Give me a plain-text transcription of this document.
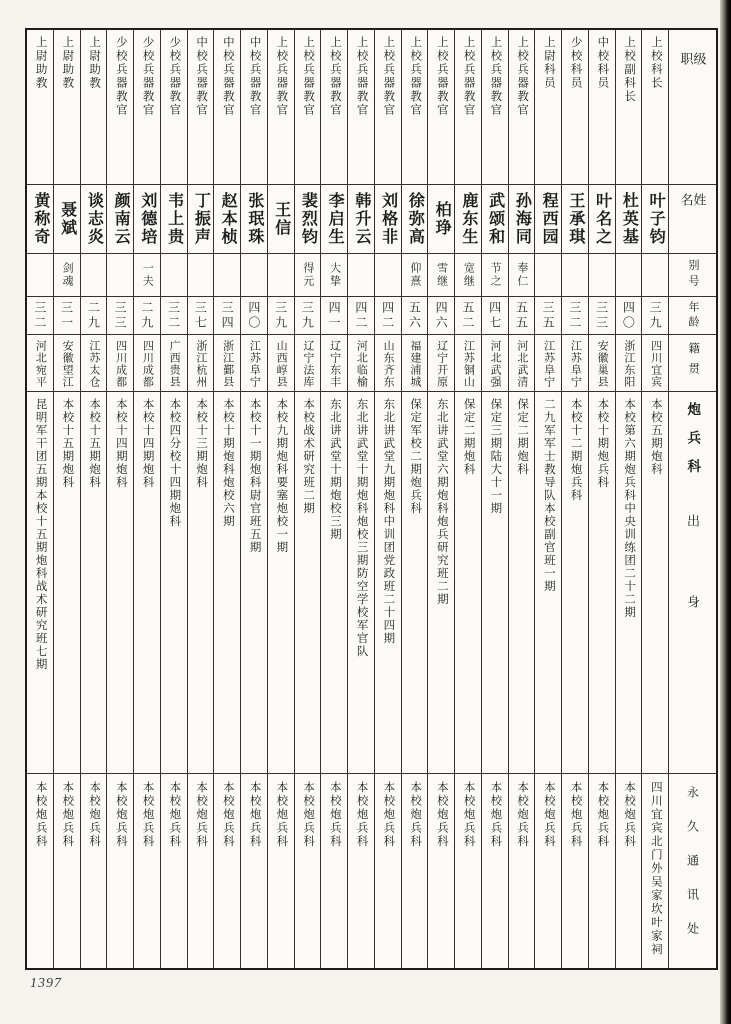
上尉助教
黄称奇
三二
河北宛平
昆明军干团五期本校十五期炮科战术研究班七期
本校炮兵科
上尉助教
聂斌
剑魂
三一
安徽望江
本校十五期炮科
本校炮兵科
上尉助教
谈志炎
二九
江苏太仓
本校十五期炮科
本校炮兵科
少校兵器教官
颜南云
三三
四川成都
本校十四期炮科
本校炮兵科
少校兵器教官
刘德培
一夫
二九
四川成都
本校十四期炮科
本校炮兵科
少校兵器教官
韦上贵
三二
广西贵县
本校四分校十四期炮科
本校炮兵科
中校兵器教官
丁振声
三七
浙江杭州
本校十三期炮科
本校炮兵科
中校兵器教官
赵本桢
三四
浙江鄞县
本校十期炮科炮校六期
本校炮兵科
中校兵器教官
张珉珠
四〇
江苏阜宁
本校十一期炮科尉官班五期
本校炮兵科
上校兵器教官
王信
三九
山西崞县
本校九期炮科要塞炮校一期
本校炮兵科
上校兵器教官
裴烈钧
得元
三九
辽宁法库
本校战术研究班二期
本校炮兵科
上校兵器教官
李启生
大挚
四一
辽宁东丰
东北讲武堂十期炮校三期
本校炮兵科
上校兵器教官
韩升云
四二
河北临榆
东北讲武堂十期炮科炮校三期防空学校军官队
本校炮兵科
上校兵器教官
刘格非
四二
山东齐东
东北讲武堂九期炮科中训团党政班二十四期
本校炮兵科
上校兵器教官
徐弥高
仰熹
五六
福建浦城
保定军校二期炮兵科
本校炮兵科
上校兵器教官
柏琤
雪继
四六
辽宁开原
东北讲武堂六期炮科炮兵研究班二期
本校炮兵科
上校兵器教官
鹿东生
宽继
五二
江苏铜山
保定二期炮科
本校炮兵科
上校兵器教官
武颂和
节之
四七
河北武强
保定三期陆大十一期
本校炮兵科
上校兵器教官
孙海同
奉仁
五五
河北武清
保定二期炮科
本校炮兵科
上尉科员
程西园
三五
江苏阜宁
二九军军士教导队本校副官班一期
本校炮兵科
少校科员
王承琪
三二
江苏阜宁
本校十二期炮兵科
本校炮兵科
中校科员
叶名之
三三
安徽巢县
本校十期炮兵科
本校炮兵科
上校副科长
杜英基
四〇
浙江东阳
本校第六期炮兵科中央训练团二十二期
本校炮兵科
上校科长
叶子钧
三九
四川宜宾
本校五期炮科
四川宜宾北门外吴家坎叶家祠
级职
姓名
别号
年龄
籍贯
炮兵科
出身
永久通讯处
1397
